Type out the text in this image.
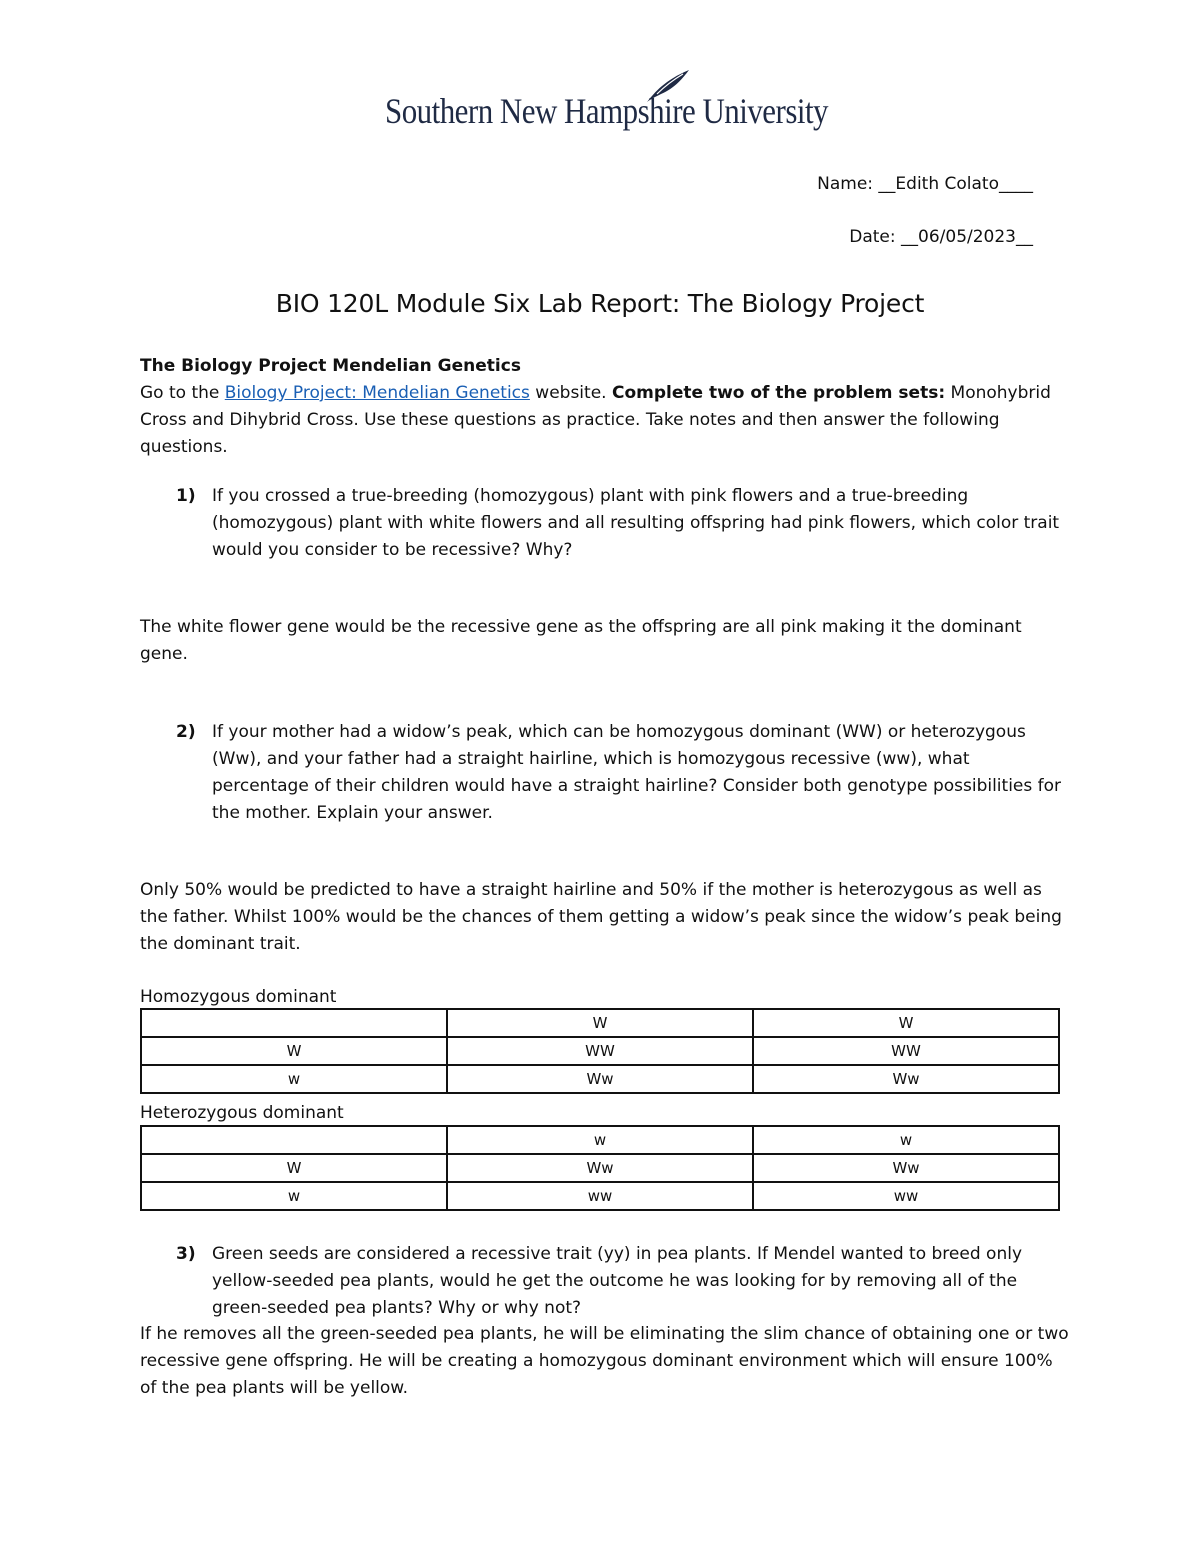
Southern New Hampshire University
Name: __Edith Colato____
Date: __06/05/2023__
BIO 120L Module Six Lab Report: The Biology Project
The Biology Project Mendelian Genetics
Go to the Biology Project: Mendelian Genetics website. Complete two of the problem sets: Monohybrid Cross and Dihybrid Cross. Use these questions as practice. Take notes and then answer the following questions.
1) If you crossed a true-breeding (homozygous) plant with pink flowers and a true-breeding (homozygous) plant with white flowers and all resulting offspring had pink flowers, which color trait would you consider to be recessive? Why?
The white flower gene would be the recessive gene as the offspring are all pink making it the dominant gene.
2) If your mother had a widow’s peak, which can be homozygous dominant (WW) or heterozygous (Ww), and your father had a straight hairline, which is homozygous recessive (ww), what percentage of their children would have a straight hairline? Consider both genotype possibilities for the mother. Explain your answer.
Only 50% would be predicted to have a straight hairline and 50% if the mother is heterozygous as well as the father. Whilst 100% would be the chances of them getting a widow’s peak since the widow’s peak being the dominant trait.
Homozygous dominant
	W	W
W	WW	WW
w	Ww	Ww
Heterozygous dominant
	w	w
W	Ww	Ww
w	ww	ww
3) Green seeds are considered a recessive trait (yy) in pea plants. If Mendel wanted to breed only yellow-seeded pea plants, would he get the outcome he was looking for by removing all of the green-seeded pea plants? Why or why not?
If he removes all the green-seeded pea plants, he will be eliminating the slim chance of obtaining one or two recessive gene offspring. He will be creating a homozygous dominant environment which will ensure 100% of the pea plants will be yellow.
